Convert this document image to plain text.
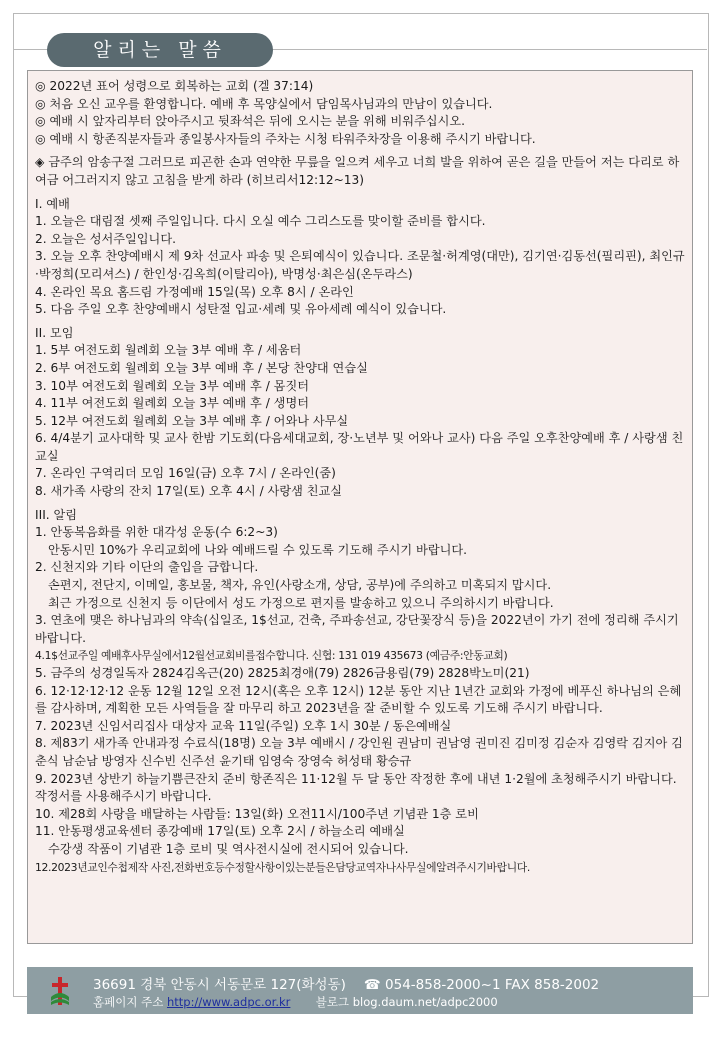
알리는 말씀

◎ 2022년 표어 성령으로 회복하는 교회 (겔 37:14)

◎ 처음 오신 교우를 환영합니다. 예배 후 목양실에서 담임목사님과의 만남이 있습니다.

◎ 예배 시 앞자리부터 앉아주시고 뒷좌석은 뒤에 오시는 분을 위해 비워주십시오.

◎ 예배 시 항존직분자들과 종일봉사자들의 주차는 시청 타워주차장을 이용해 주시기 바랍니다.

◈ 금주의 암송구절 그러므로 피곤한 손과 연약한 무릎을 일으켜 세우고 너희 발을 위하여 곧은 길을 만들어 저는 다리로 하여금 어그러지지 않고 고침을 받게 하라 (히브리서12:12~13)

I. 예배

1. 오늘은 대림절 셋째 주일입니다. 다시 오실 예수 그리스도를 맞이할 준비를 합시다.

2. 오늘은 성서주일입니다.

3. 오늘 오후 찬양예배시 제 9차 선교사 파송 및 은퇴예식이 있습니다. 조문철·허계영(대만), 김기연·김동선(필리핀), 최인규·박정희(모리셔스) / 한인성·김옥희(이탈리아), 박명성·최은심(온두라스)

4. 온라인 목요 홈드림 가정예배 15일(목) 오후 8시 / 온라인

5. 다음 주일 오후 찬양예배시 성탄절 입교·세례 및 유아세례 예식이 있습니다.

II. 모임

1. 5부 여전도회 월례회 오늘 3부 예배 후 / 세움터

2. 6부 여전도회 월례회 오늘 3부 예배 후 / 본당 찬양대 연습실

3. 10부 여전도회 월례회 오늘 3부 예배 후 / 몸짓터

4. 11부 여전도회 월례회 오늘 3부 예배 후 / 생명터

5. 12부 여전도회 월례회 오늘 3부 예배 후 / 어와나 사무실

6. 4/4분기 교사대학 및 교사 한밤 기도회(다음세대교회, 장·노년부 및 어와나 교사) 다음 주일 오후찬양예배 후 / 사랑샘 친교실

7. 온라인 구역리더 모임 16일(금) 오후 7시 / 온라인(줌)

8. 새가족 사랑의 잔치 17일(토) 오후 4시 / 사랑샘 친교실

III. 알림

1. 안동복음화를 위한 대각성 운동(수 6:2~3)

안동시민 10%가 우리교회에 나와 예배드릴 수 있도록 기도해 주시기 바랍니다.

2. 신천지와 기타 이단의 출입을 금합니다.

손편지, 전단지, 이메일, 홍보물, 책자, 유인(사랑소개, 상담, 공부)에 주의하고 미혹되지 맙시다.

최근 가정으로 신천지 등 이단에서 성도 가정으로 편지를 발송하고 있으니 주의하시기 바랍니다.

3. 연초에 맺은 하나님과의 약속(십일조, 1$선교, 건축, 주파송선교, 강단꽃장식 등)을 2022년이 가기 전에 정리해 주시기 바랍니다.

4.1$선교주일 예배후사무실에서12월선교회비를접수합니다. 신협: 131 019 435673 (예금주:안동교회)

5. 금주의 성경일독자 2824김옥근(20) 2825최경애(79) 2826금용림(79) 2828박노미(21)

6. 12·12·12·12 운동 12월 12일 오전 12시(혹은 오후 12시) 12분 동안 지난 1년간 교회와 가정에 베푸신 하나님의 은혜를 감사하며, 계획한 모든 사역들을 잘 마무리 하고 2023년을 잘 준비할 수 있도록 기도해 주시기 바랍니다.

7. 2023년 신임서리집사 대상자 교육 11일(주일) 오후 1시 30분 / 동은예배실

8. 제83기 새가족 안내과정 수료식(18명) 오늘 3부 예배시 / 강인원 권남미 권남영 권미진 김미정 김순자 김영락 김지아 김춘식 남순남 방영자 신수빈 신주선 윤기태 임영숙 장영숙 허성태 황승규

9. 2023년 상반기 하늘기쁨큰잔치 준비 항존직은 11·12월 두 달 동안 작정한 후에 내년 1·2월에 초청해주시기 바랍니다. 작정서를 사용해주시기 바랍니다.

10. 제28회 사랑을 배달하는 사람들: 13일(화) 오전11시/100주년 기념관 1층 로비

11. 안동평생교육센터 종강예배 17일(토) 오후 2시 / 하늘소리 예배실

수강생 작품이 기념관 1층 로비 및 역사전시실에 전시되어 있습니다.

12.2023년교인수첩제작 사진,전화번호등수정할사항이있는분들은담당교역자나사무실에알려주시기바랍니다.

36691 경북 안동시 서동문로 127(화성동) ☎ 054-858-2000~1 FAX 858-2002
홈페이지 주소 http://www.adpc.or.kr 블로그 blog.daum.net/adpc2000
